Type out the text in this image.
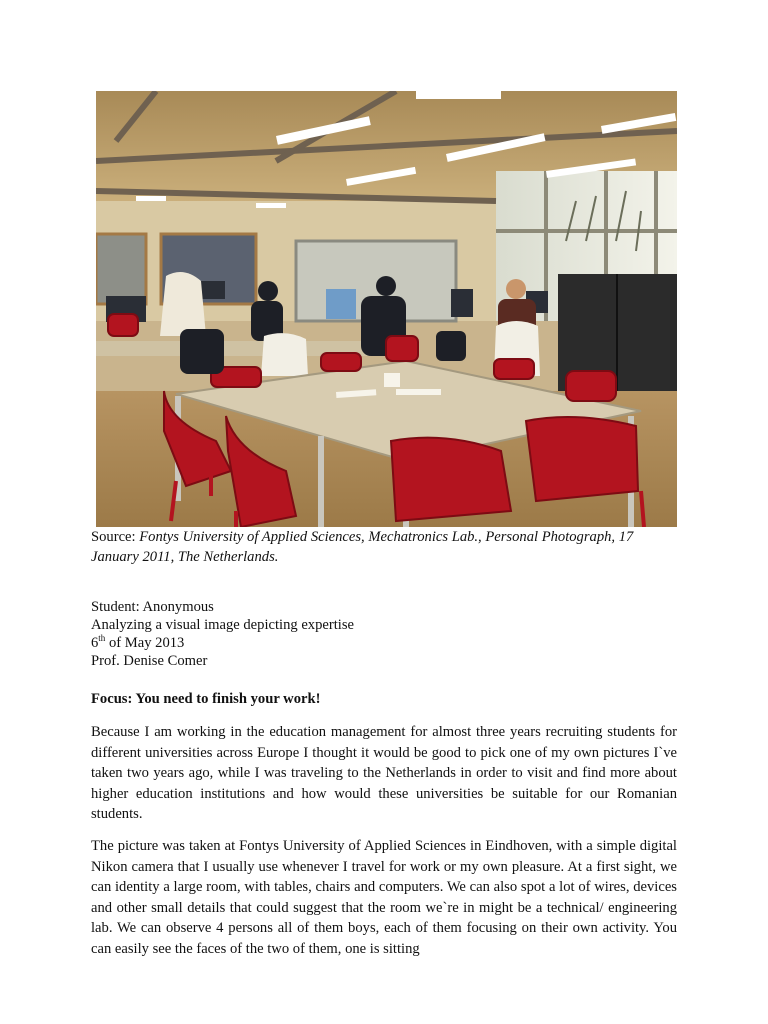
Source: Fontys University of Applied Sciences, Mechatronics Lab., Personal Photograph, 17 January 2011, The Netherlands.
Student: Anonymous
Analyzing a visual image depicting expertise
6th of May 2013
Prof. Denise Comer
Focus: You need to finish your work!
Because I am working in the education management for almost three years recruiting students for different universities across Europe I thought it would be good to pick one of my own pictures I`ve taken two years ago, while I was traveling to the Netherlands in order to visit and find more about higher education institutions and how would these universities be suitable for our Romanian students.
The picture was taken at Fontys University of Applied Sciences in Eindhoven, with a simple digital Nikon camera that I usually use whenever I travel for work or my own pleasure. At a first sight, we can identity a large room, with tables, chairs and computers. We can also spot a lot of wires, devices and other small details that could suggest that the room we`re in might be a technical/ engineering lab. We can observe 4 persons all of them boys, each of them focusing on their own activity. You can easily see the faces of the two of them, one is sitting
